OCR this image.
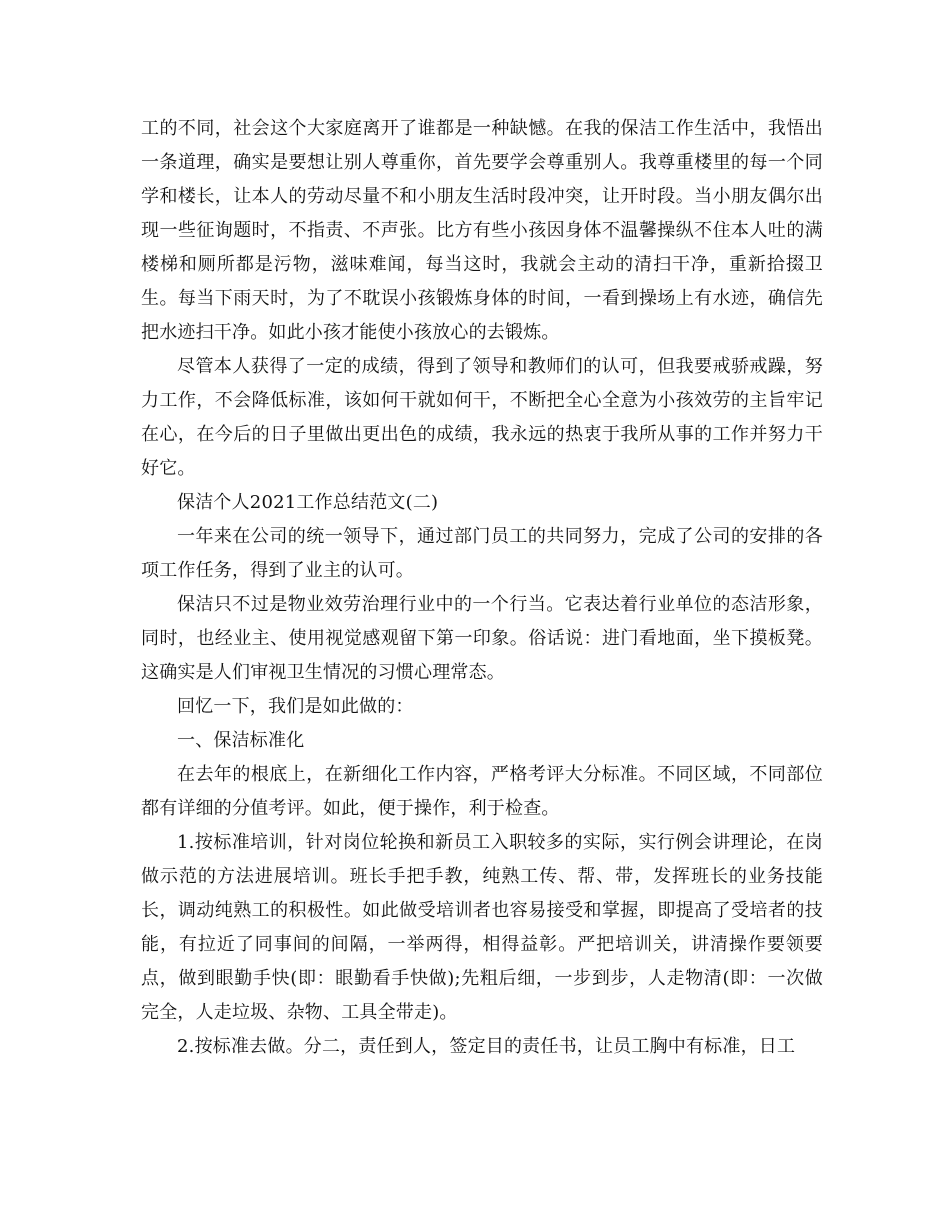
工的不同，社会这个大家庭离开了谁都是一种缺憾。在我的保洁工作生活中，我悟出一条道理，确实是要想让别人尊重你，首先要学会尊重别人。我尊重楼里的每一个同学和楼长，让本人的劳动尽量不和小朋友生活时段冲突，让开时段。当小朋友偶尔出现一些征询题时，不指责、不声张。比方有些小孩因身体不温馨操纵不住本人吐的满楼梯和厕所都是污物，滋味难闻，每当这时，我就会主动的清扫干净，重新拾掇卫生。每当下雨天时，为了不耽误小孩锻炼身体的时间，一看到操场上有水迹，确信先把水迹扫干净。如此小孩才能使小孩放心的去锻炼。

尽管本人获得了一定的成绩，得到了领导和教师们的认可，但我要戒骄戒躁，努力工作，不会降低标准，该如何干就如何干，不断把全心全意为小孩效劳的主旨牢记在心，在今后的日子里做出更出色的成绩，我永远的热衷于我所从事的工作并努力干好它。

保洁个人2021工作总结范文(二)

一年来在公司的统一领导下，通过部门员工的共同努力，完成了公司的安排的各项工作任务，得到了业主的认可。

保洁只不过是物业效劳治理行业中的一个行当。它表达着行业单位的态洁形象，同时，也经业主、使用视觉感观留下第一印象。俗话说：进门看地面，坐下摸板凳。这确实是人们审视卫生情况的习惯心理常态。

回忆一下，我们是如此做的：

一、保洁标准化

在去年的根底上，在新细化工作内容，严格考评大分标准。不同区域，不同部位都有详细的分值考评。如此，便于操作，利于检查。

1.按标准培训，针对岗位轮换和新员工入职较多的实际，实行例会讲理论，在岗做示范的方法进展培训。班长手把手教，纯熟工传、帮、带，发挥班长的业务技能长，调动纯熟工的积极性。如此做受培训者也容易接受和掌握，即提高了受培者的技能，有拉近了同事间的间隔，一举两得，相得益彰。严把培训关，讲清操作要领要点，做到眼勤手快(即：眼勤看手快做);先粗后细，一步到步，人走物清(即：一次做完全，人走垃圾、杂物、工具全带走)。

2.按标准去做。分二，责任到人，签定目的责任书，让员工胸中有标准，日工
